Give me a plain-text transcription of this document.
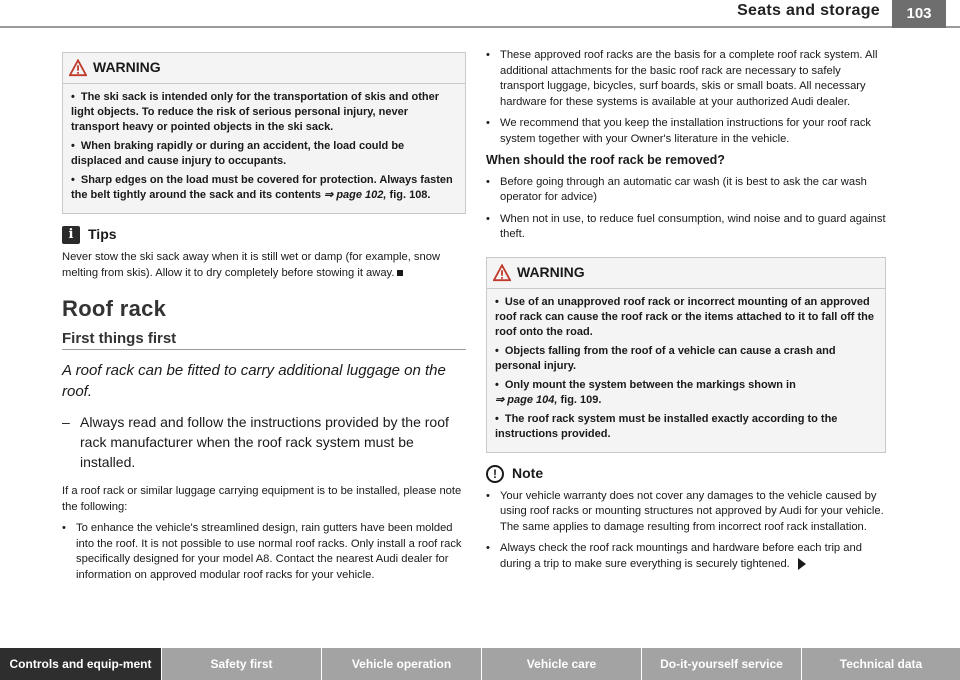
Seats and storage	103
WARNING
• The ski sack is intended only for the transportation of skis and other light objects. To reduce the risk of serious personal injury, never transport heavy or pointed objects in the ski sack.
• When braking rapidly or during an accident, the load could be displaced and cause injury to occupants.
• Sharp edges on the load must be covered for protection. Always fasten the belt tightly around the sack and its contents ⇒ page 102, fig. 108.
i	Tips

Never stow the ski sack away when it is still wet or damp (for example, snow melting from skis). Allow it to dry completely before stowing it away.

Roof rack
First things first
A roof rack can be fitted to carry additional luggage on the roof.
– Always read and follow the instructions provided by the roof rack manufacturer when the roof rack system must be installed.

If a roof rack or similar luggage carrying equipment is to be installed, please note the following:

• To enhance the vehicle's streamlined design, rain gutters have been molded into the roof. It is not possible to use normal roof racks. Only install a roof rack specifically designed for your model A8. Contact the nearest Audi dealer for information on approved modular roof racks for your vehicle.
• These approved roof racks are the basis for a complete roof rack system. All additional attachments for the basic roof rack are necessary to safely transport luggage, bicycles, surf boards, skis or small boats. All necessary hardware for these systems is available at your authorized Audi dealer.
• We recommend that you keep the installation instructions for your roof rack system together with your Owner's literature in the vehicle.
When should the roof rack be removed?
• Before going through an automatic car wash (it is best to ask the car wash operator for advice)
• When not in use, to reduce fuel consumption, wind noise and to guard against theft.
WARNING
• Use of an unapproved roof rack or incorrect mounting of an approved roof rack can cause the roof rack or the items attached to it to fall off the roof onto the road.
• Objects falling from the roof of a vehicle can cause a crash and personal injury.
• Only mount the system between the markings shown in
⇒ page 104, fig. 109.
• The roof rack system must be installed exactly according to the instructions provided.
!	Note
• Your vehicle warranty does not cover any damages to the vehicle caused by using roof racks or mounting structures not approved by Audi for your vehicle. The same applies to damage resulting from incorrect roof rack installation.
• Always check the roof rack mountings and hardware before each trip and during a trip to make sure everything is securely tightened.
Controls and equip-ment	Safety first	Vehicle operation	Vehicle care	Do-it-yourself service	Technical data
